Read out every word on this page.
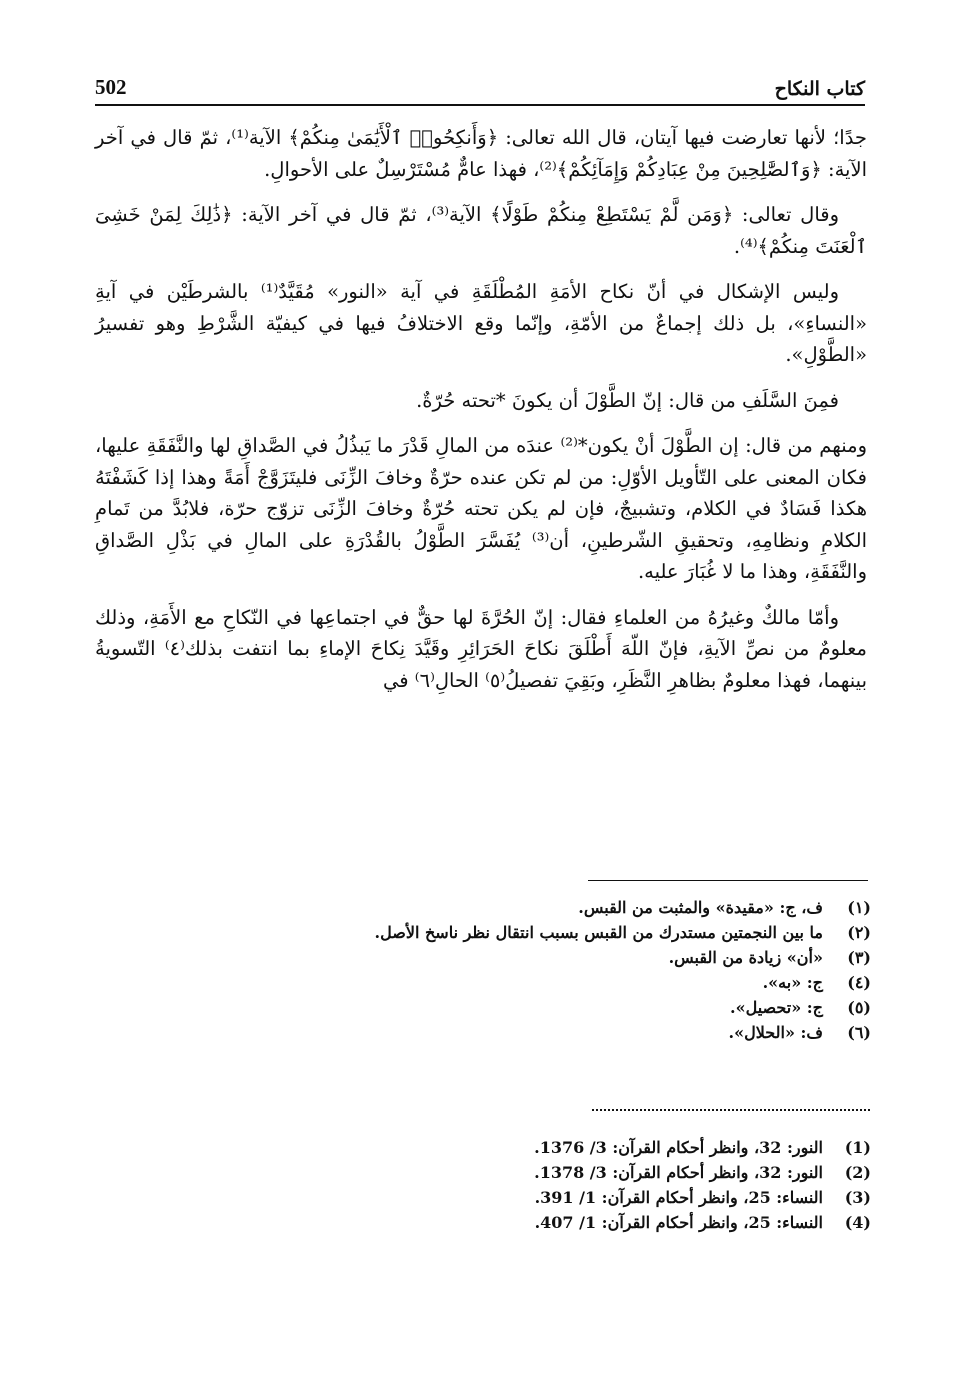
502	كتاب النكاح

جدًا؛ لأنها تعارضت فيها آيتان، قال الله تعالى: ﴿وَأَنكِحُوا۟ ٱلْأَيَٰمَىٰ مِنكُمْ﴾ الآية⁽¹⁾، ثمّ قال في آخر الآية: ﴿وَٱلصَّٰلِحِينَ مِنْ عِبَادِكُمْ وَإِمَآئِكُمْ﴾⁽²⁾، فهذا عامٌّ مُسْتَرْسِلٌ على الأحوالِ.

وقال تعالى: ﴿وَمَن لَّمْ يَسْتَطِعْ مِنكُمْ طَوْلًا﴾ الآية⁽³⁾، ثمّ قال في آخر الآية: ﴿ذَٰلِكَ لِمَنْ خَشِىَ ٱلْعَنَتَ مِنكُمْ﴾⁽⁴⁾.

وليس الإشكال في أنّ نكاح الأمَةِ المُطْلَقَةِ في آية «النور» مُقَيَّدٌ⁽¹⁾ بالشرطَيْن في آيةِ «النساءِ»، بل ذلك إجماعٌ من الأمّةِ، وإنّما وقع الاختلافُ فيها في كيفيّة الشَّرْطِ وهو تفسيرُ «الطَّوْلِ».

فمِنَ السَّلَفِ من قال: إنّ الطَّوْلَ أن يكونَ *تحته حُرّةٌ.

ومنهم من قال: إن الطَّوْلَ أنْ يكون*⁽²⁾ عندَه من المالِ قَدْرَ ما يَبذُلُ في الصَّداقِ لها والنَّفَقَةِ عليها، فكان المعنى على التّأويل الأوّلِ: من لم تكن عنده حرّةٌ وخافَ الزِّنَى فليتَزَوَّجْ أَمَةً وهذا إذا كَشَفْتَهُ هكذا فَسَادٌ في الكلام، وتشبيجٌ، فإن لم يكن تحته حُرّةٌ وخافَ الزِّنَى تزوّج حرّة، فلابُدَّ من تَمامِ الكلامِ ونظامِهِ، وتحقيقِ الشّرطينِ، أن⁽³⁾ يُفَسَّرَ الطَّوْلُ بالقُدْرَةِ على المالِ في بَذْلِ الصَّداقِ والنَّفَقَةِ، وهذا ما لا غُبَارَ عليه.

وأمّا مالكٌ وغيرُهُ من العلماءِ فقال: إنّ الحُرَّةَ لها حقٌّ في اجتماعِها في النّكاحِ مع الأَمَةِ، وذلك معلومٌ من نصِّ الآيةِ، فإنّ اللّهَ أَطْلَقَ نكاحَ الحَرَائِرِ وقَيَّدَ نِكاحَ الإماءِ بما انتفت بذلك⁽٤⁾ التّسويةُ بينهما، فهذا معلومٌ بظاهرِ النَّظَرِ، وبَقِيَ تفصيلُ⁽٥⁾ الحالِ⁽٦⁾ في

(١)
ف، ج: «مقيدة» والمثبت من القبس.
(٢)
ما بين النجمتين مستدرك من القبس بسبب انتقال نظر ناسخ الأصل.
(٣)
«أن» زيادة من القبس.
(٤)
ج: «به».
(٥)
ج: «تحصيل».
(٦)
ف: «الحلال».
(1)
النور: 32، وانظر أحكام القرآن: 3/ 1376.
(2)
النور: 32، وانظر أحكام القرآن: 3/ 1378.
(3)
النساء: 25، وانظر أحكام القرآن: 1/ 391.
(4)
النساء: 25، وانظر أحكام القرآن: 1/ 407.
